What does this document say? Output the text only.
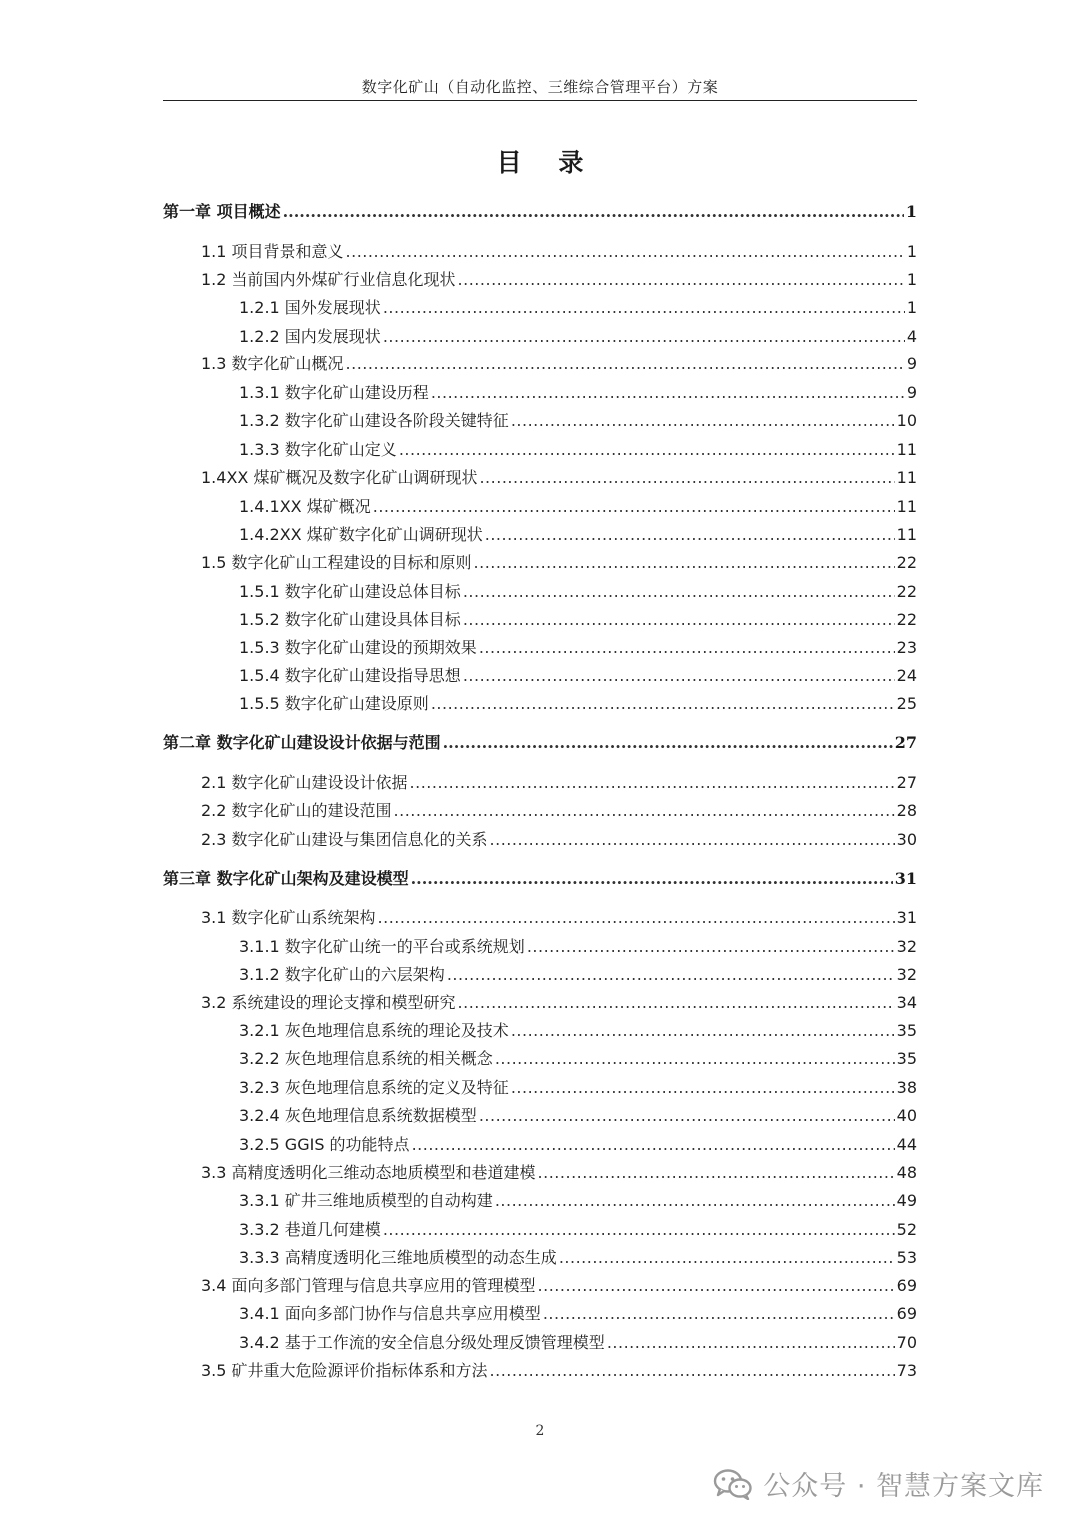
数字化矿山（自动化监控、三维综合管理平台）方案
目 录
第一章 项目概述 .....	1
1.1 项目背景和意义 .....	1
1.2 当前国内外煤矿行业信息化现状 .....	1
1.2.1 国外发展现状 .....	1
1.2.2 国内发展现状 .....	4
1.3 数字化矿山概况 .....	9
1.3.1 数字化矿山建设历程 .....	9
1.3.2 数字化矿山建设各阶段关键特征 .....	10
1.3.3 数字化矿山定义 .....	11
1.4XX 煤矿概况及数字化矿山调研现状 .....	11
1.4.1XX 煤矿概况 .....	11
1.4.2XX 煤矿数字化矿山调研现状 .....	11
1.5 数字化矿山工程建设的目标和原则 .....	22
1.5.1 数字化矿山建设总体目标 .....	22
1.5.2 数字化矿山建设具体目标 .....	22
1.5.3 数字化矿山建设的预期效果 .....	23
1.5.4 数字化矿山建设指导思想 .....	24
1.5.5 数字化矿山建设原则 .....	25
第二章 数字化矿山建设设计依据与范围 .....	27
2.1 数字化矿山建设设计依据 .....	27
2.2 数字化矿山的建设范围 .....	28
2.3 数字化矿山建设与集团信息化的关系 .....	30
第三章 数字化矿山架构及建设模型 .....	31
3.1 数字化矿山系统架构 .....	31
3.1.1 数字化矿山统一的平台或系统规划 .....	32
3.1.2 数字化矿山的六层架构 .....	32
3.2 系统建设的理论支撑和模型研究 .....	34
3.2.1 灰色地理信息系统的理论及技术 .....	35
3.2.2 灰色地理信息系统的相关概念 .....	35
3.2.3 灰色地理信息系统的定义及特征 .....	38
3.2.4 灰色地理信息系统数据模型 .....	40
3.2.5 GGIS 的功能特点 .....	44
3.3 高精度透明化三维动态地质模型和巷道建模 .....	48
3.3.1 矿井三维地质模型的自动构建 .....	49
3.3.2 巷道几何建模 .....	52
3.3.3 高精度透明化三维地质模型的动态生成 .....	53
3.4 面向多部门管理与信息共享应用的管理模型 .....	69
3.4.1 面向多部门协作与信息共享应用模型 .....	69
3.4.2 基于工作流的安全信息分级处理反馈管理模型 .....	70
3.5 矿井重大危险源评价指标体系和方法 .....	73
2
公众号 · 智慧方案文库
